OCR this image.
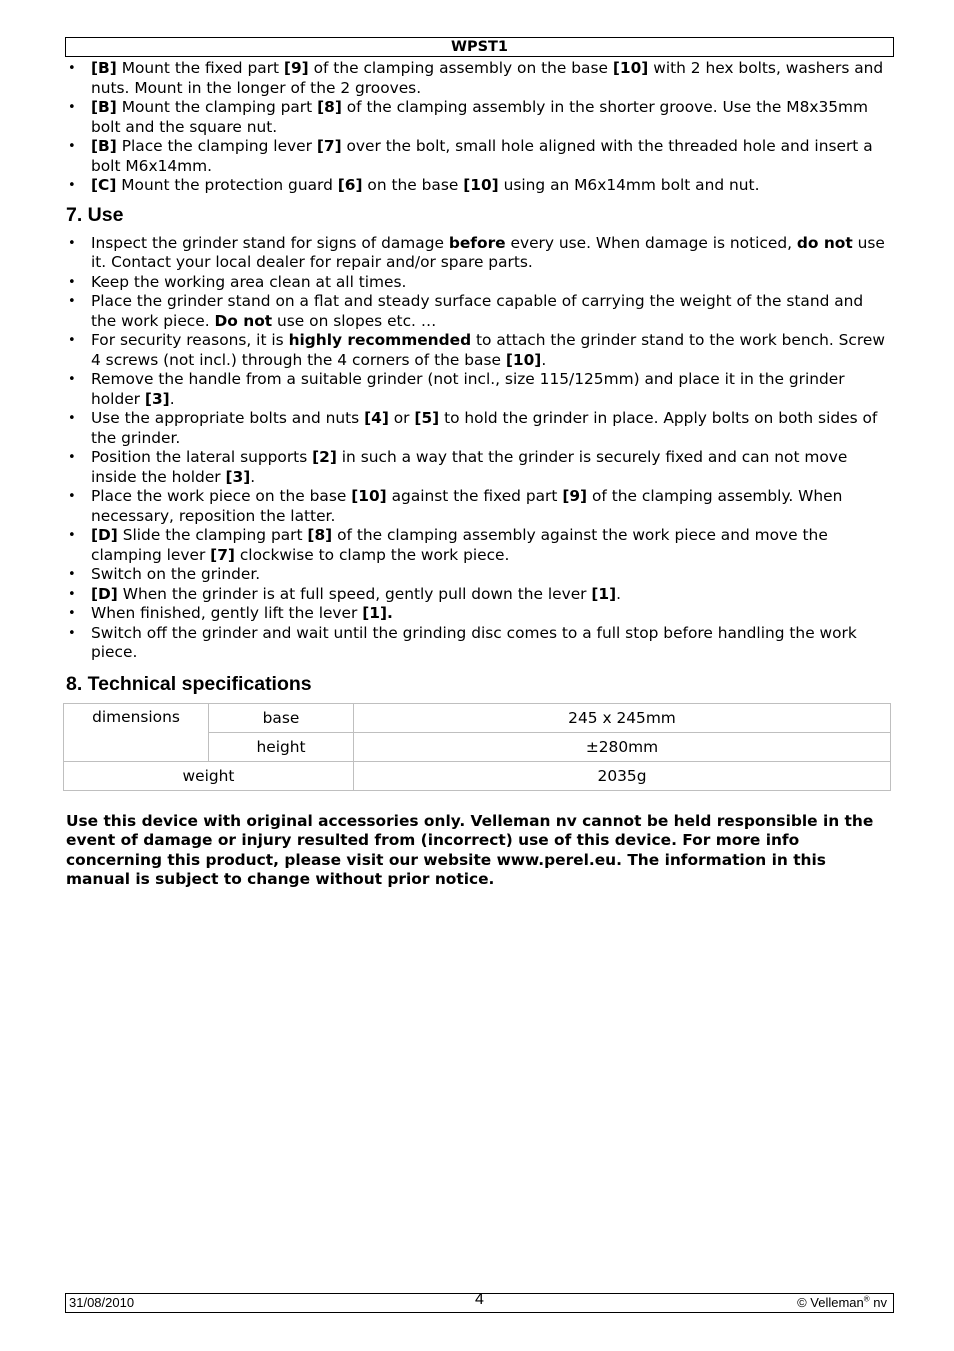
WPST1
• [B] Mount the fixed part [9] of the clamping assembly on the base [10] with 2 hex bolts, washers and nuts. Mount in the longer of the 2 grooves.
• [B] Mount the clamping part [8] of the clamping assembly in the shorter groove. Use the M8x35mm bolt and the square nut.
• [B] Place the clamping lever [7] over the bolt, small hole aligned with the threaded hole and insert a bolt M6x14mm.
• [C] Mount the protection guard [6] on the base [10] using an M6x14mm bolt and nut.
7. Use
• Inspect the grinder stand for signs of damage before every use. When damage is noticed, do not use it. Contact your local dealer for repair and/or spare parts.
• Keep the working area clean at all times.
• Place the grinder stand on a flat and steady surface capable of carrying the weight of the stand and the work piece. Do not use on slopes etc. …
• For security reasons, it is highly recommended to attach the grinder stand to the work bench. Screw 4 screws (not incl.) through the 4 corners of the base [10].
• Remove the handle from a suitable grinder (not incl., size 115/125mm) and place it in the grinder holder [3].
• Use the appropriate bolts and nuts [4] or [5] to hold the grinder in place. Apply bolts on both sides of the grinder.
• Position the lateral supports [2] in such a way that the grinder is securely fixed and can not move inside the holder [3].
• Place the work piece on the base [10] against the fixed part [9] of the clamping assembly. When necessary, reposition the latter.
• [D] Slide the clamping part [8] of the clamping assembly against the work piece and move the clamping lever [7] clockwise to clamp the work piece.
• Switch on the grinder.
• [D] When the grinder is at full speed, gently pull down the lever [1].
• When finished, gently lift the lever [1].
• Switch off the grinder and wait until the grinding disc comes to a full stop before handling the work piece.
8. Technical specifications
dimensions	base	245 x 245mm
	height	±280mm
weight		2035g
Use this device with original accessories only. Velleman nv cannot be held responsible in the event of damage or injury resulted from (incorrect) use of this device. For more info concerning this product, please visit our website www.perel.eu. The information in this manual is subject to change without prior notice.
31/08/2010	4	© Velleman® nv
